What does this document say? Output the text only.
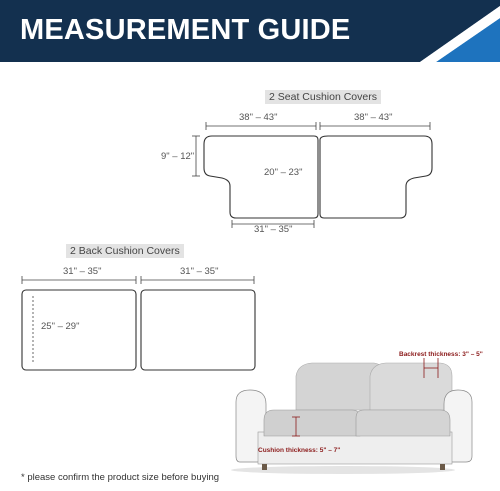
MEASUREMENT GUIDE
2 Seat Cushion Covers
38" – 43"	38" – 43"
9" – 12"
20" – 23"
31" – 35"
2 Back Cushion Covers
31" – 35"	31" – 35"
25" – 29"
Backrest thickness: 3" – 5"
Cushion thickness: 5" – 7"
* please confirm the product size before buying
